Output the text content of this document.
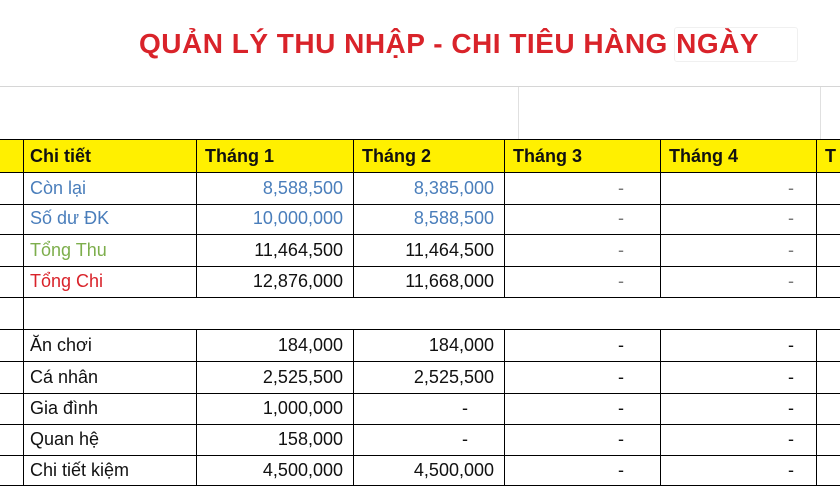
QUẢN LÝ THU NHẬP - CHI TIÊU HÀNG NGÀY
Chi tiết	Tháng 1	Tháng 2	Tháng 3	Tháng 4	T
Còn lại	8,588,500	8,385,000	-	-
Số dư ĐK	10,000,000	8,588,500	-	-
Tổng Thu	11,464,500	11,464,500	-	-
Tổng Chi	12,876,000	11,668,000	-	-
Ăn chơi	184,000	184,000	-	-
Cá nhân	2,525,500	2,525,500	-	-
Gia đình	1,000,000	-	-	-
Quan hệ	158,000	-	-	-
Chi tiết kiệm	4,500,000	4,500,000	-	-
